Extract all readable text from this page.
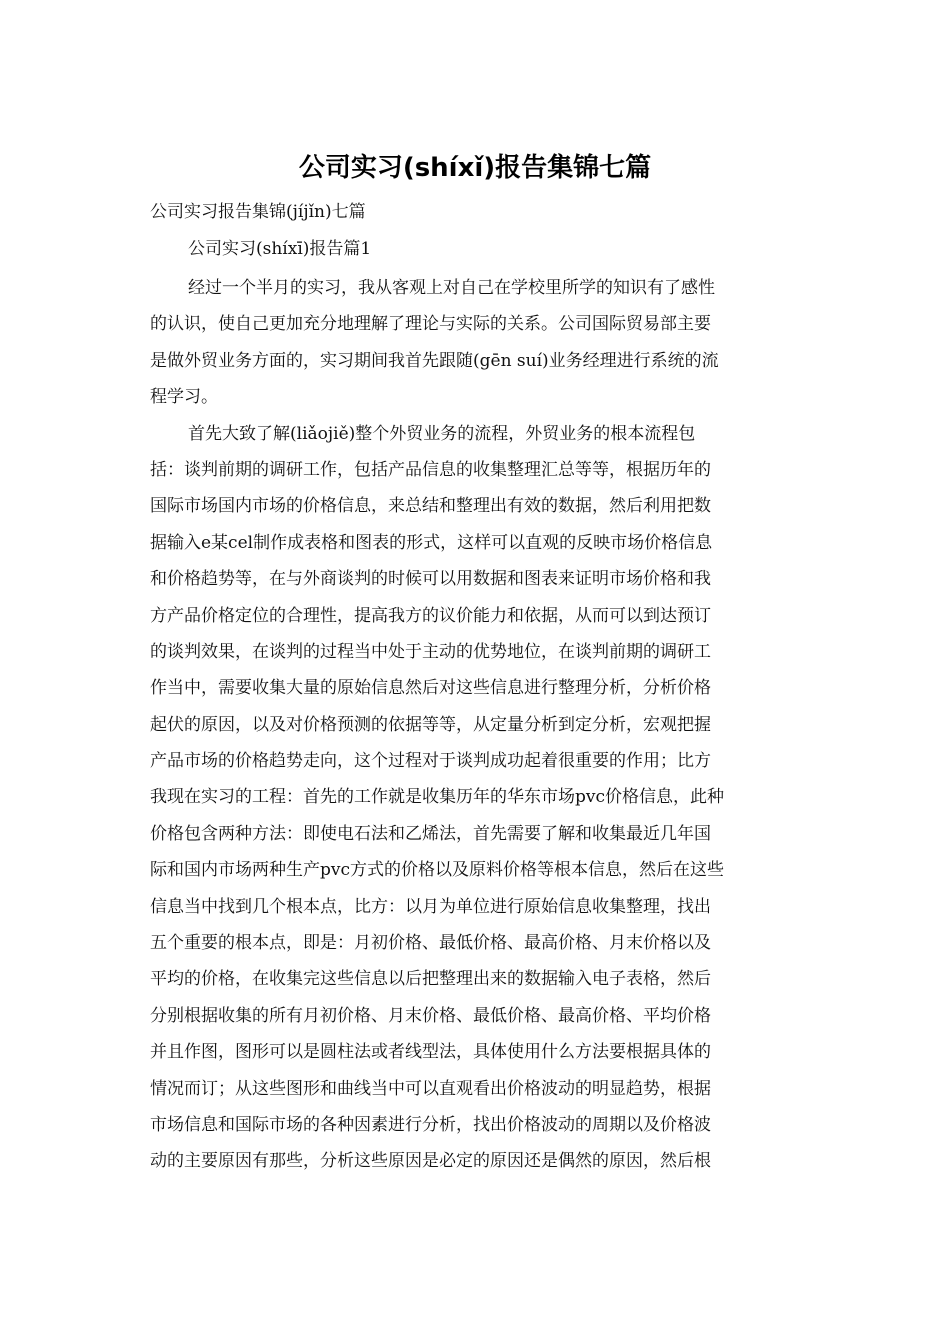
公司实习(shíxǐ)报告集锦七篇
公司实习报告集锦(jíjǐn)七篇
公司实习(shíxī)报告篇1
经过一个半月的实习，我从客观上对自己在学校里所学的知识有了感性
的认识，使自己更加充分地理解了理论与实际的关系。公司国际贸易部主要
是做外贸业务方面的，实习期间我首先跟随(gēn suí)业务经理进行系统的流
程学习。
首先大致了解(liǎojiě)整个外贸业务的流程，外贸业务的根本流程包
括：谈判前期的调研工作，包括产品信息的收集整理汇总等等，根据历年的
国际市场国内市场的价格信息，来总结和整理出有效的数据，然后利用把数
据输入e某cel制作成表格和图表的形式，这样可以直观的反映市场价格信息
和价格趋势等，在与外商谈判的时候可以用数据和图表来证明市场价格和我
方产品价格定位的合理性，提高我方的议价能力和依据，从而可以到达预订
的谈判效果，在谈判的过程当中处于主动的优势地位，在谈判前期的调研工
作当中，需要收集大量的原始信息然后对这些信息进行整理分析，分析价格
起伏的原因，以及对价格预测的依据等等，从定量分析到定分析，宏观把握
产品市场的价格趋势走向，这个过程对于谈判成功起着很重要的作用；比方
我现在实习的工程：首先的工作就是收集历年的华东市场pvc价格信息，此种
价格包含两种方法：即使电石法和乙烯法，首先需要了解和收集最近几年国
际和国内市场两种生产pvc方式的价格以及原料价格等根本信息，然后在这些
信息当中找到几个根本点，比方：以月为单位进行原始信息收集整理，找出
五个重要的根本点，即是：月初价格、最低价格、最高价格、月末价格以及
平均的价格，在收集完这些信息以后把整理出来的数据输入电子表格，然后
分别根据收集的所有月初价格、月末价格、最低价格、最高价格、平均价格
并且作图，图形可以是圆柱法或者线型法，具体使用什么方法要根据具体的
情况而订；从这些图形和曲线当中可以直观看出价格波动的明显趋势，根据
市场信息和国际市场的各种因素进行分析，找出价格波动的周期以及价格波
动的主要原因有那些，分析这些原因是必定的原因还是偶然的原因，然后根
